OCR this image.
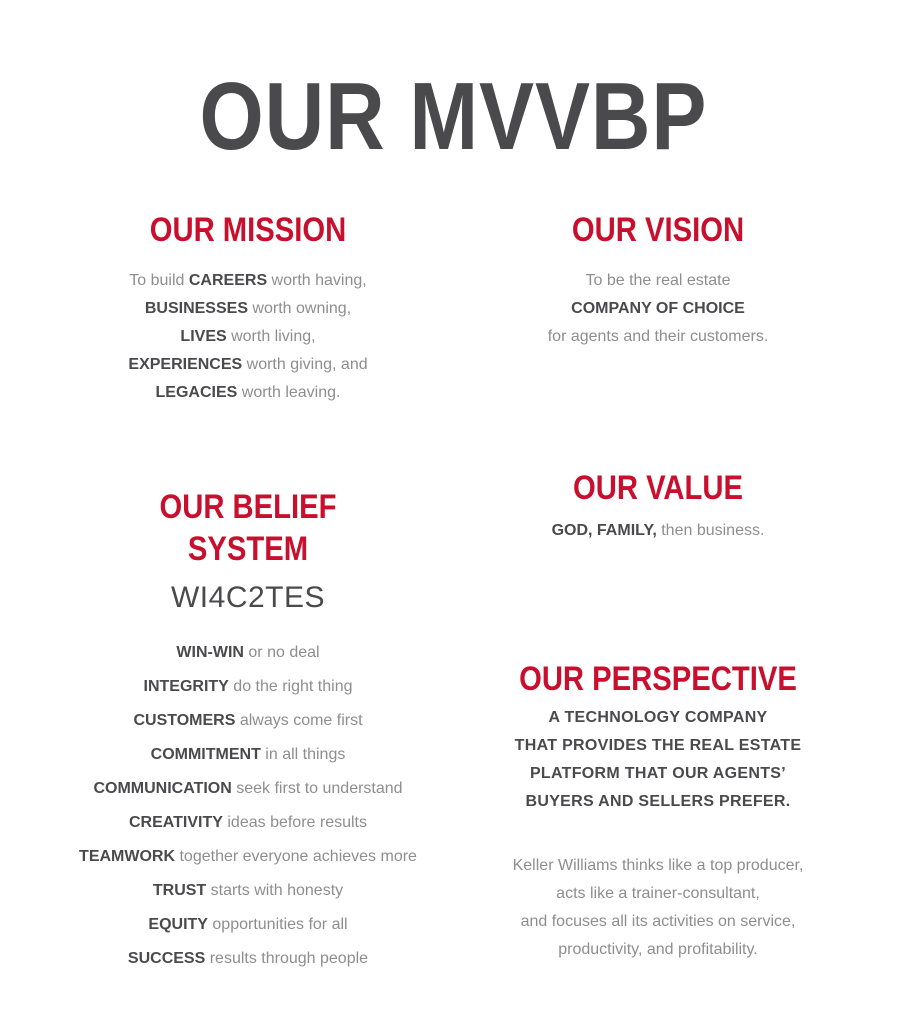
OUR MVVBP
OUR MISSION
To build CAREERS worth having,
BUSINESSES worth owning,
LIVES worth living,
EXPERIENCES worth giving, and
LEGACIES worth leaving.
OUR VISION
To be the real estate
COMPANY OF CHOICE
for agents and their customers.
OUR BELIEF
SYSTEM
WI4C2TES
WIN-WIN or no deal
INTEGRITY do the right thing
CUSTOMERS always come first
COMMITMENT in all things
COMMUNICATION seek first to understand
CREATIVITY ideas before results
TEAMWORK together everyone achieves more
TRUST starts with honesty
EQUITY opportunities for all
SUCCESS results through people
OUR VALUE
GOD, FAMILY, then business.
OUR PERSPECTIVE
A TECHNOLOGY COMPANY
THAT PROVIDES THE REAL ESTATE
PLATFORM THAT OUR AGENTS’
BUYERS AND SELLERS PREFER.
Keller Williams thinks like a top producer,
acts like a trainer-consultant,
and focuses all its activities on service,
productivity, and profitability.
